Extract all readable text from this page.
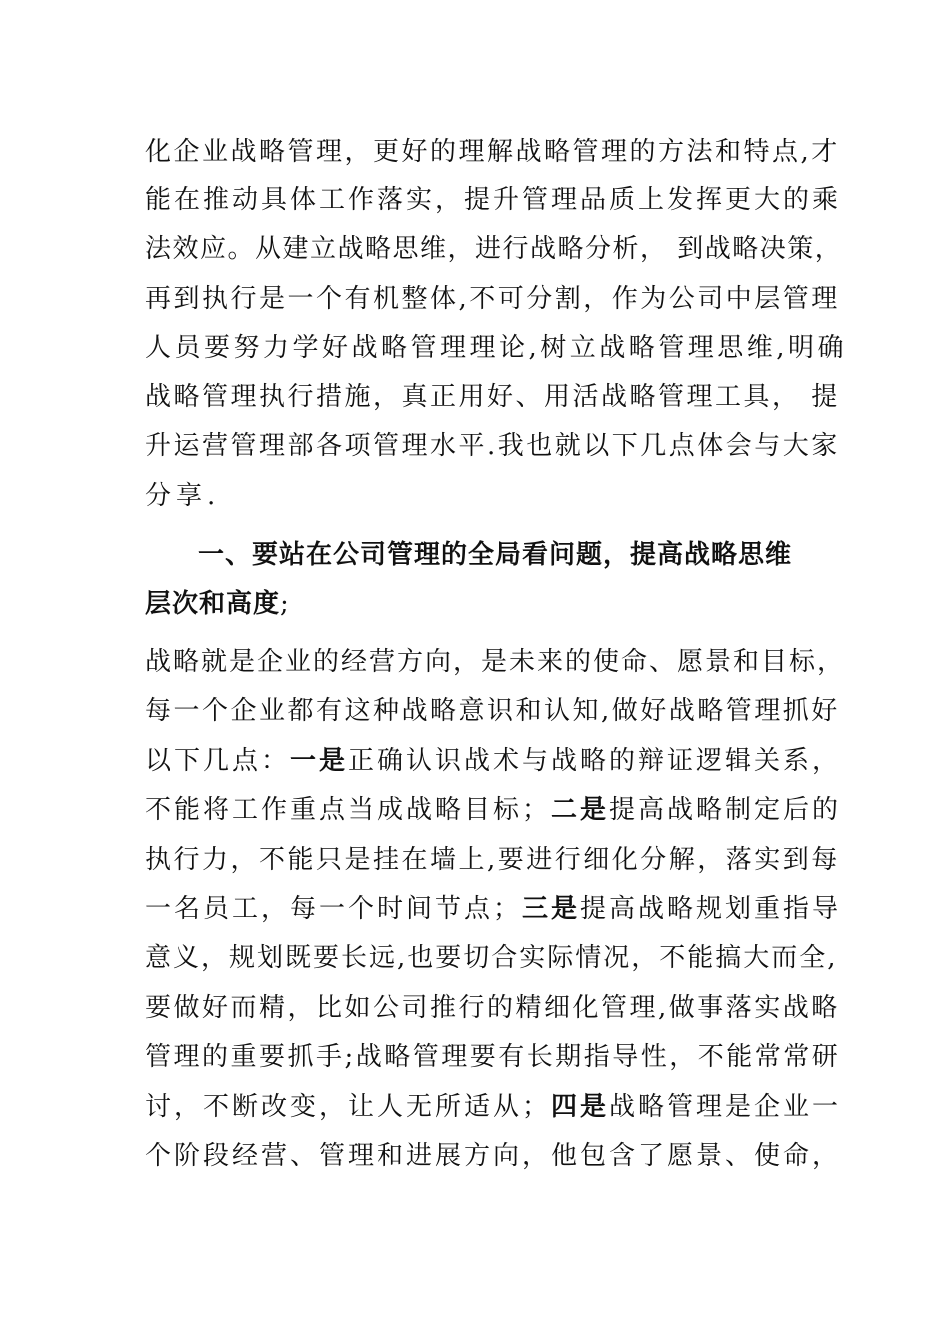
化企业战略管理，更好的理解战略管理的方法和特点,才
能在推动具体工作落实，提升管理品质上发挥更大的乘
法效应。从建立战略思维，进行战略分析， 到战略决策，
再到执行是一个有机整体,不可分割，作为公司中层管理
人员要努力学好战略管理理论,树立战略管理思维,明确
战略管理执行措施，真正用好、用活战略管理工具， 提
升运营管理部各项管理水平.我也就以下几点体会与大家
分享.
一、要站在公司管理的全局看问题，提高战略思维
层次和高度;
战略就是企业的经营方向，是未来的使命、愿景和目标，
每一个企业都有这种战略意识和认知,做好战略管理抓好
以下几点：一是正确认识战术与战略的辩证逻辑关系，
不能将工作重点当成战略目标；二是提高战略制定后的
执行力，不能只是挂在墙上,要进行细化分解，落实到每
一名员工，每一个时间节点；三是提高战略规划重指导
意义，规划既要长远,也要切合实际情况，不能搞大而全,
要做好而精，比如公司推行的精细化管理,做事落实战略
管理的重要抓手;战略管理要有长期指导性，不能常常研
讨，不断改变，让人无所适从；四是战略管理是企业一
个阶段经营、管理和进展方向，他包含了愿景、使命，
